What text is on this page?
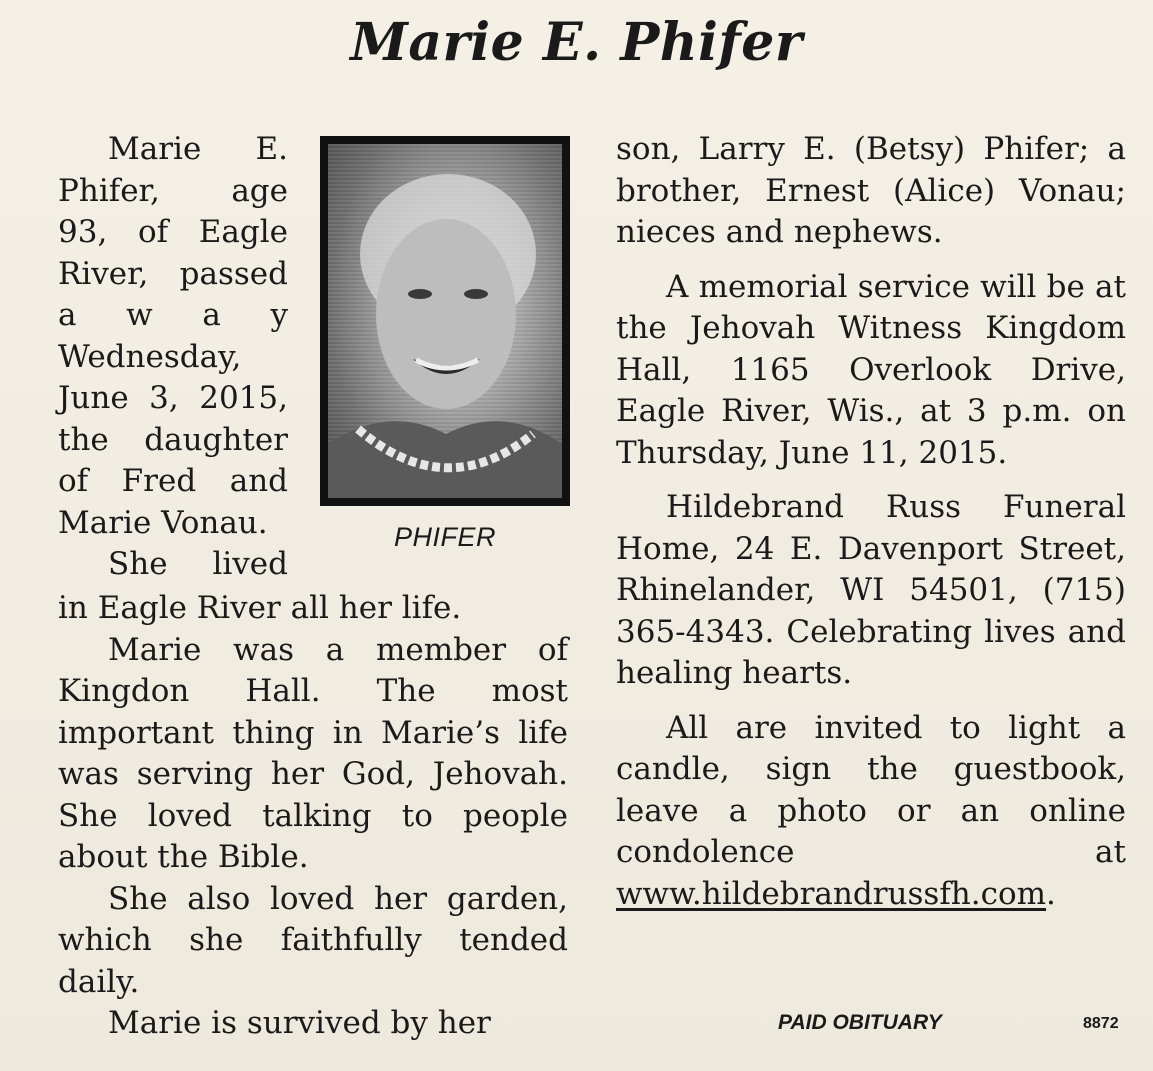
Marie E. Phifer

Marie E.

Phifer, age

93, of Eagle

River, passed

a w a y

Wednesday,

June 3, 2015,

the daughter

of Fred and

Marie Vonau.

She lived

PHIFER

in Eagle River all her life.

Marie was a member of Kingdon Hall. The most important thing in Marie’s life was serving her God, Jehovah. She loved talking to people about the Bible.

She also loved her garden, which she faithfully tended daily.

Marie is survived by her

son, Larry E. (Betsy) Phifer; a brother, Ernest (Alice) Vonau; nieces and nephews.

A memorial service will be at the Jehovah Witness Kingdom Hall, 1165 Overlook Drive, Eagle River, Wis., at 3 p.m. on Thursday, June 11, 2015.

Hildebrand Russ Funeral Home, 24 E. Davenport Street, Rhinelander, WI 54501, (715) 365-4343. Celebrating lives and healing hearts.

All are invited to light a candle, sign the guestbook, leave a photo or an online condolence at www.hildebrandrussfh.com.

PAID OBITUARY	8872
